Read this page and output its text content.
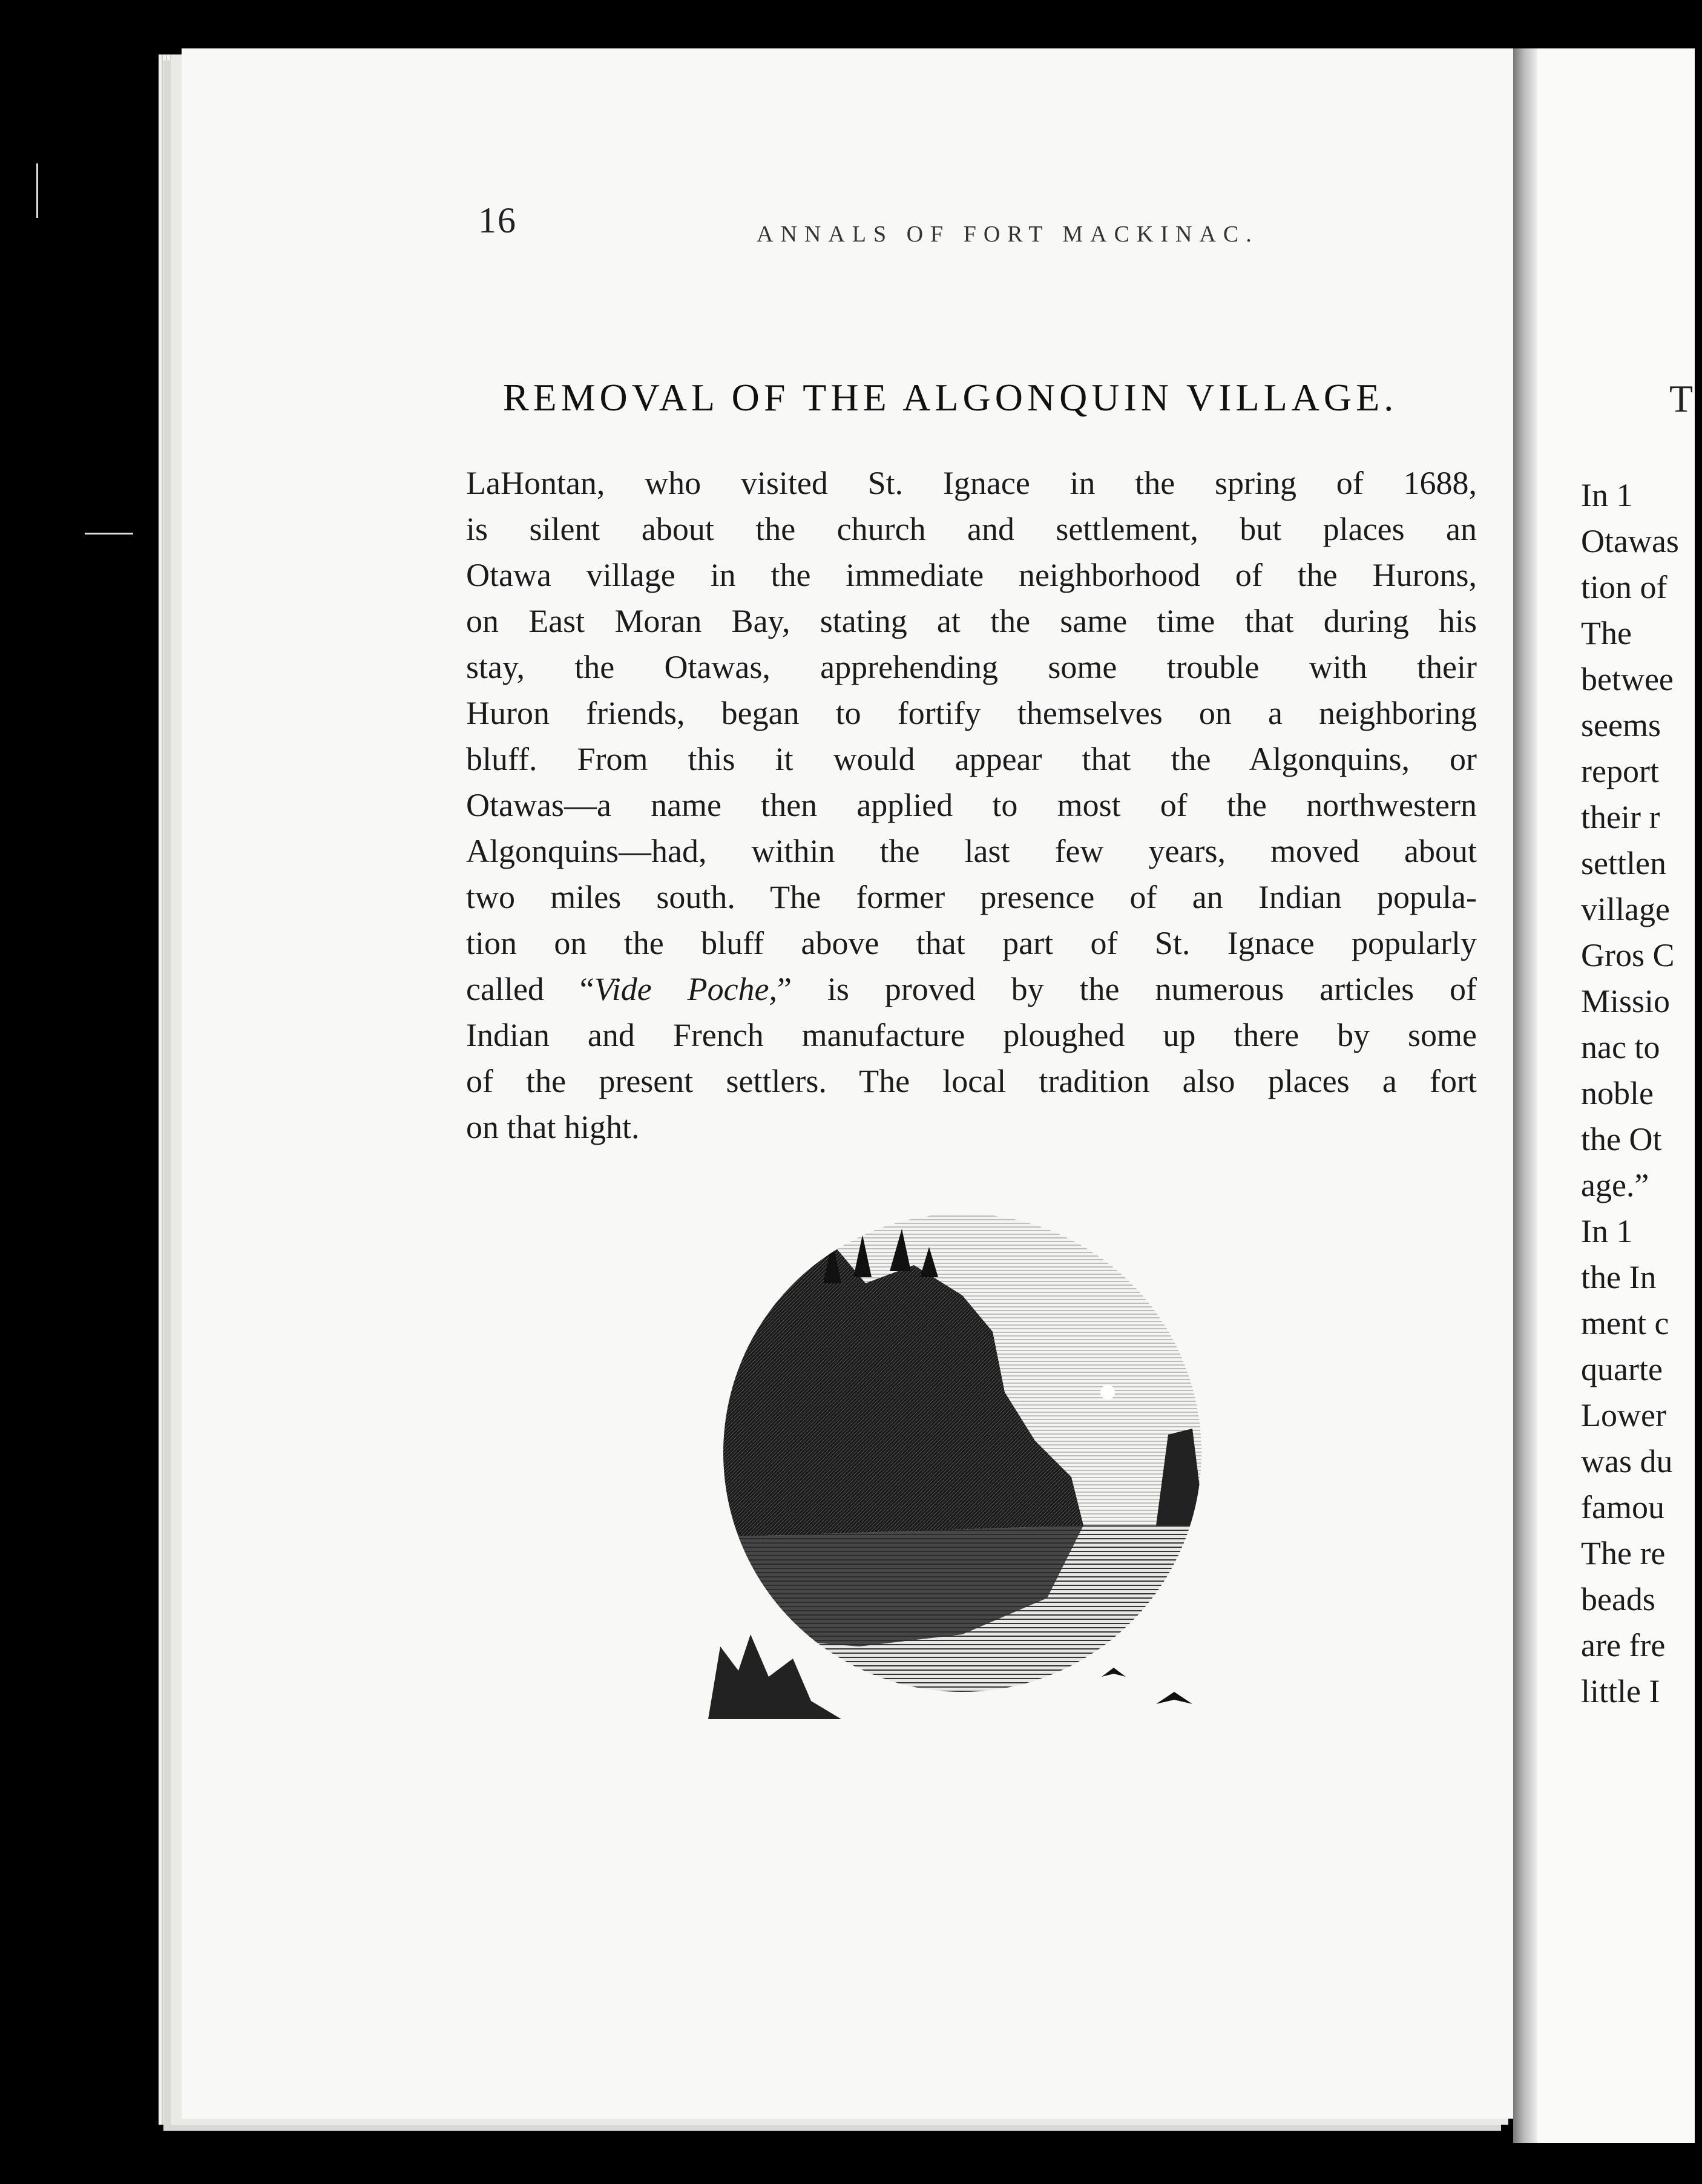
16	ANNALS OF FORT MACKINAC.
REMOVAL OF THE ALGONQUIN VILLAGE.
LaHontan, who visited St. Ignace in the spring of 1688,
is silent about the church and settlement, but places an
Otawa village in the immediate neighborhood of the Hurons,
on East Moran Bay, stating at the same time that during his
stay, the Otawas, apprehending some trouble with their
Huron friends, began to fortify themselves on a neighboring
bluff. From this it would appear that the Algonquins, or
Otawas—a name then applied to most of the northwestern
Algonquins—had, within the last few years, moved about
two miles south. The former presence of an Indian popula-
tion on the bluff above that part of St. Ignace popularly
called “Vide Poche,” is proved by the numerous articles of
Indian and French manufacture ploughed up there by some
of the present settlers. The local tradition also places a fort
on that hight.
T
In 1
Otawas
tion of
The
betwee
seems
report
their r
settlen
village
Gros C
Missio
nac to
noble
the Ot
age.”
In 1
the In
ment c
quarte
Lower
was du
famou
The re
beads
are fre
little I
